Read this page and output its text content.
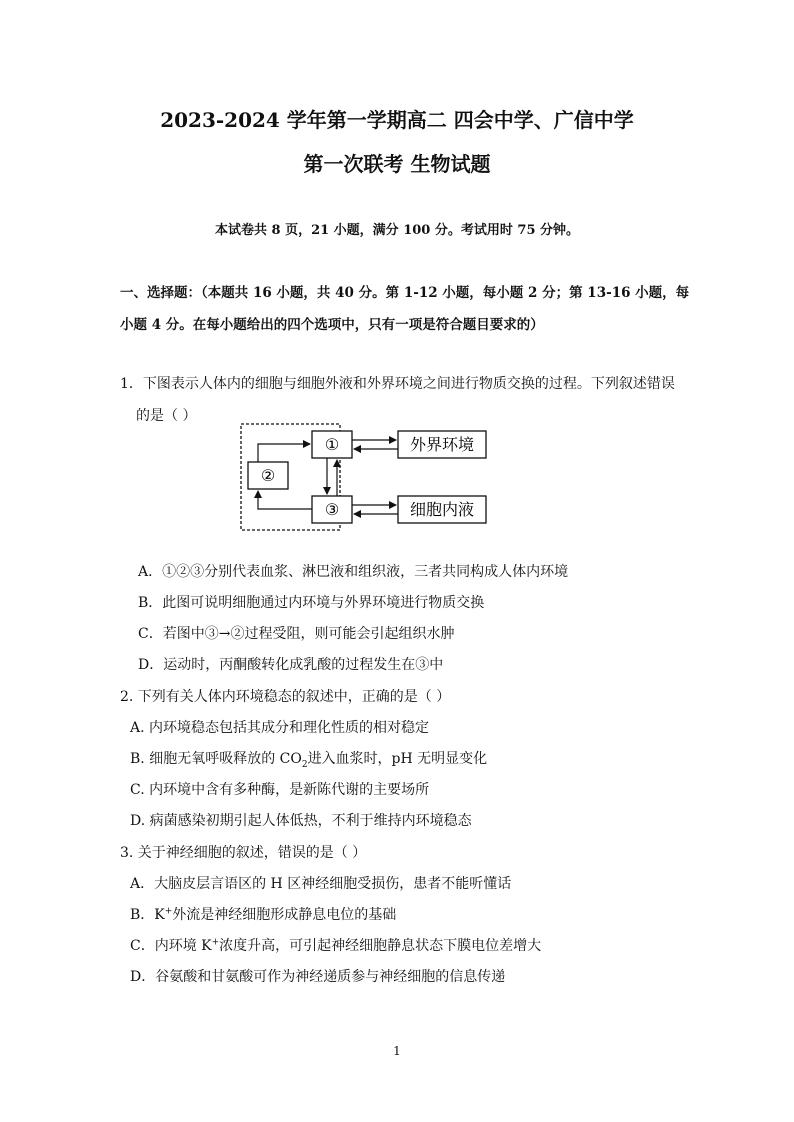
2023-2024 学年第一学期高二 四会中学、广信中学
第一次联考 生物试题
本试卷共 8 页，21 小题，满分 100 分。考试用时 75 分钟。
一、选择题：（本题共 16 小题，共 40 分。第 1-12 小题，每小题 2 分；第 13-16 小题，每
小题 4 分。在每小题给出的四个选项中，只有一项是符合题目要求的）
1．下图表示人体内的细胞与细胞外液和外界环境之间进行物质交换的过程。下列叙述错误
的是（ ）
①
②
③
外界环境
细胞内液
A．①②③分别代表血浆、淋巴液和组织液，三者共同构成人体内环境
B．此图可说明细胞通过内环境与外界环境进行物质交换
C．若图中③→②过程受阻，则可能会引起组织水肿
D．运动时，丙酮酸转化成乳酸的过程发生在③中
2. 下列有关人体内环境稳态的叙述中，正确的是（ ）
A. 内环境稳态包括其成分和理化性质的相对稳定
B. 细胞无氧呼吸释放的 $CO_2$进入血浆时，pH 无明显变化
C. 内环境中含有多种酶，是新陈代谢的主要场所
D. 病菌感染初期引起人体低热，不利于维持内环境稳态
3. 关于神经细胞的叙述，错误的是（ ）
A．大脑皮层言语区的 H 区神经细胞受损伤，患者不能听懂话
B．K+外流是神经细胞形成静息电位的基础
C．内环境 K+浓度升高，可引起神经细胞静息状态下膜电位差增大
D．谷氨酸和甘氨酸可作为神经递质参与神经细胞的信息传递
1
